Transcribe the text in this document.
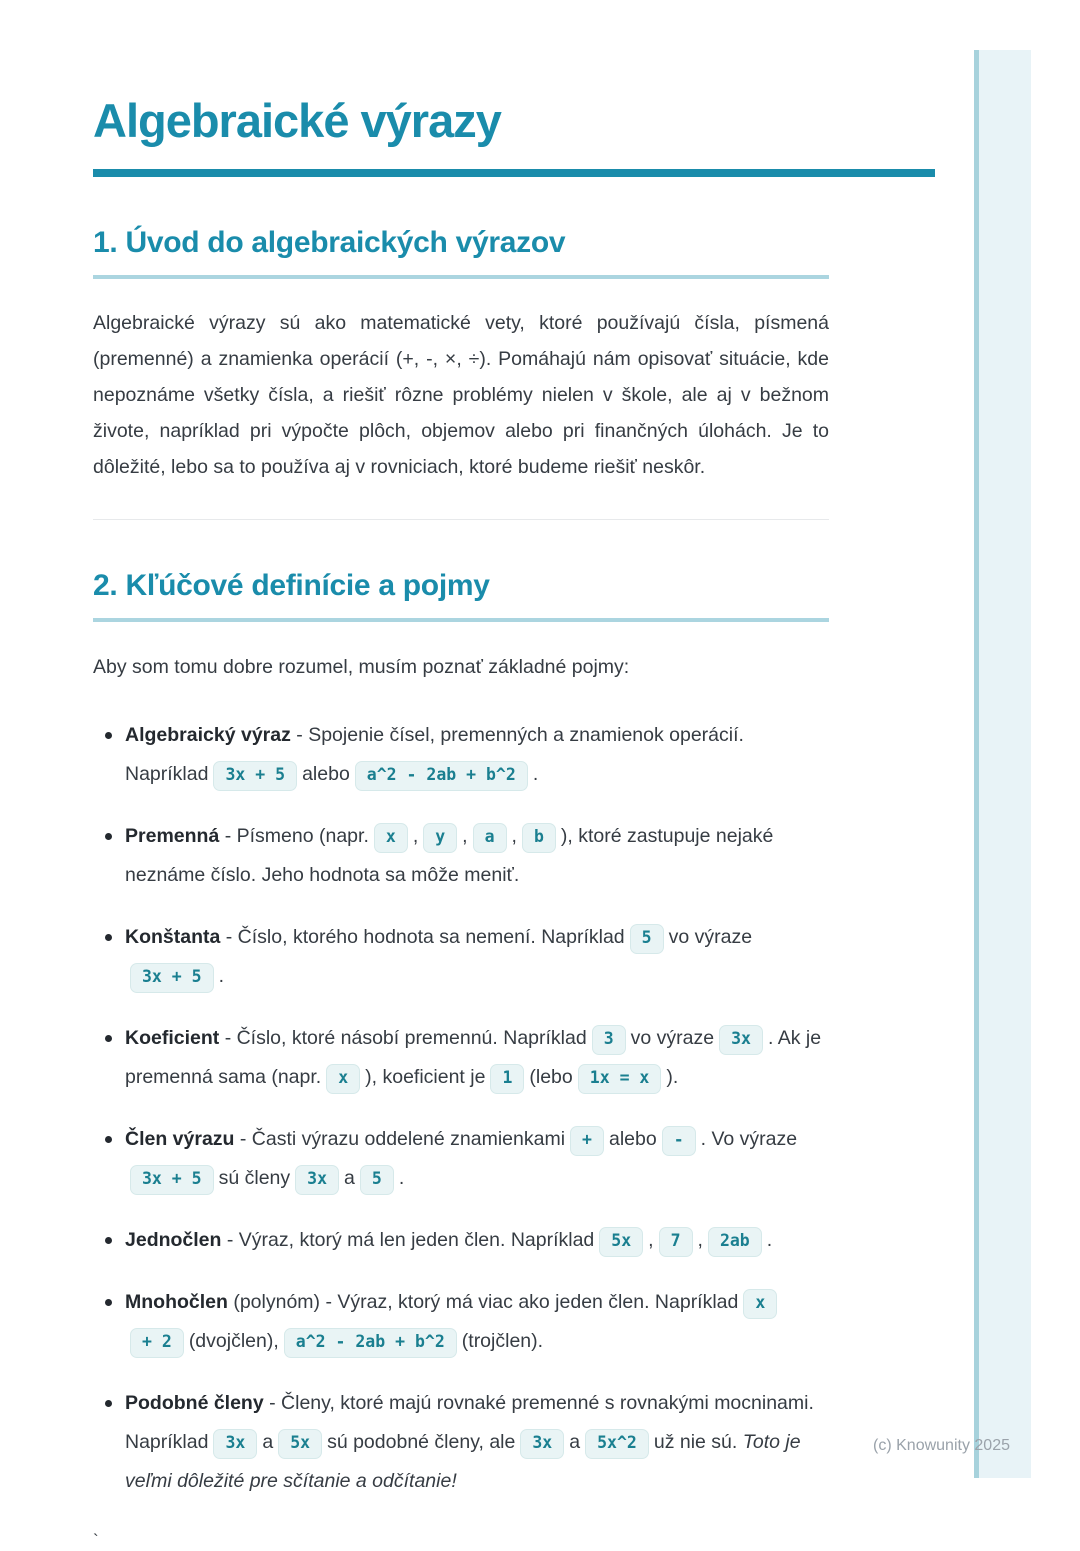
Algebraické výrazy
1. Úvod do algebraických výrazov

Algebraické výrazy sú ako matematické vety, ktoré používajú čísla, písmená (premenné) a znamienka operácií (+, -, ×, ÷). Pomáhajú nám opisovať situácie, kde nepoznáme všetky čísla, a riešiť rôzne problémy nielen v škole, ale aj v bežnom živote, napríklad pri výpočte plôch, objemov alebo pri finančných úlohách. Je to dôležité, lebo sa to používa aj v rovniciach, ktoré budeme riešiť neskôr.

2. Kľúčové definície a pojmy

Aby som tomu dobre rozumel, musím poznať základné pojmy:

Algebraický výraz - Spojenie čísel, premenných a znamienok operácií. Napríklad 3x + 5 alebo a^2 - 2ab + b^2 .
Premenná - Písmeno (napr. x , y , a , b ), ktoré zastupuje nejaké neznáme číslo. Jeho hodnota sa môže meniť.
Konštanta - Číslo, ktorého hodnota sa nemení. Napríklad 5 vo výraze3x + 5 .
Koeficient - Číslo, ktoré násobí premennú. Napríklad 3 vo výraze 3x . Ak je premenná sama (napr. x ), koeficient je 1 (lebo 1x = x ).
Člen výrazu - Časti výrazu oddelené znamienkami + alebo - . Vo výraze3x + 5 sú členy 3x a 5 .
Jednočlen - Výraz, ktorý má len jeden člen. Napríklad 5x , 7 , 2ab .
Mnohočlen (polynóm) - Výraz, ktorý má viac ako jeden člen. Napríklad x+ 2 (dvojčlen), a^2 - 2ab + b^2 (trojčlen).
Podobné členy - Členy, ktoré majú rovnaké premenné s rovnakými mocninami. Napríklad 3x a 5x sú podobné členy, ale 3x a 5x^2 už nie sú. Toto je veľmi dôležité pre sčítanie a odčítanie!

`

(c) Knowunity 2025
